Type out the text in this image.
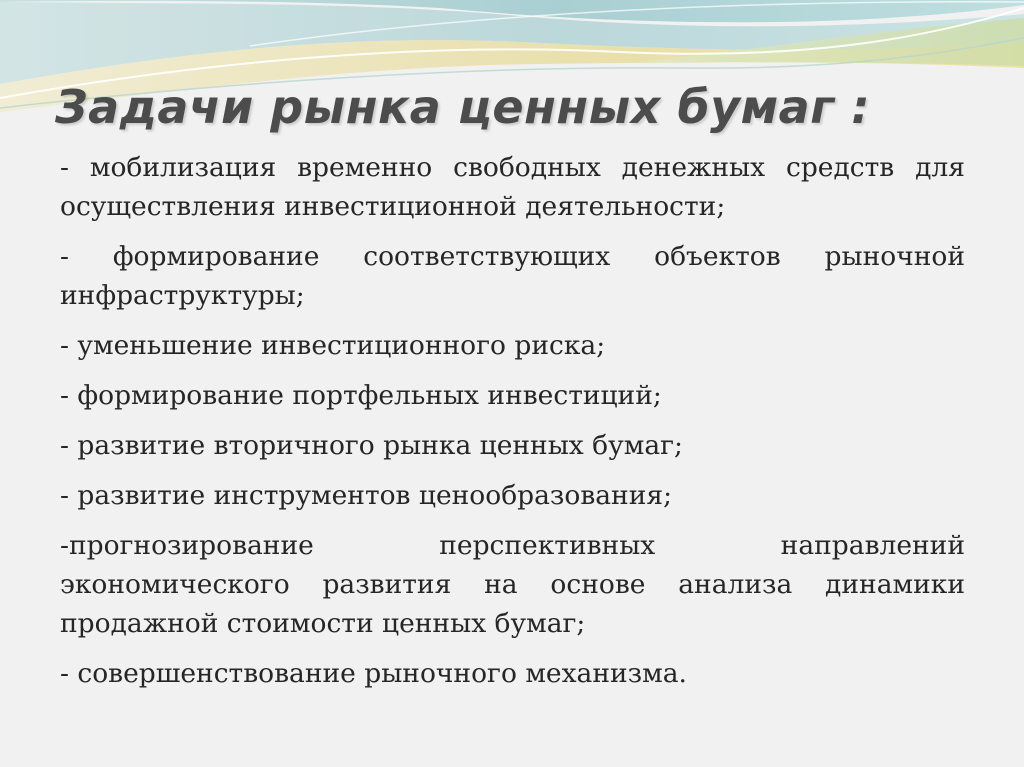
Задачи рынка ценных бумаг :

- мобилизация временно свободных денежных средств для осуществления инвестиционной деятельности;

- формирование соответствующих объектов рыночной инфраструктуры;

- уменьшение инвестиционного риска;

- формирование портфельных инвестиций;

- развитие вторичного рынка ценных бумаг;

- развитие инструментов ценообразования;

-прогнозирование перспективных направлений экономического развития на основе анализа динамики продажной стоимости ценных бумаг;

- совершенствование рыночного механизма.
